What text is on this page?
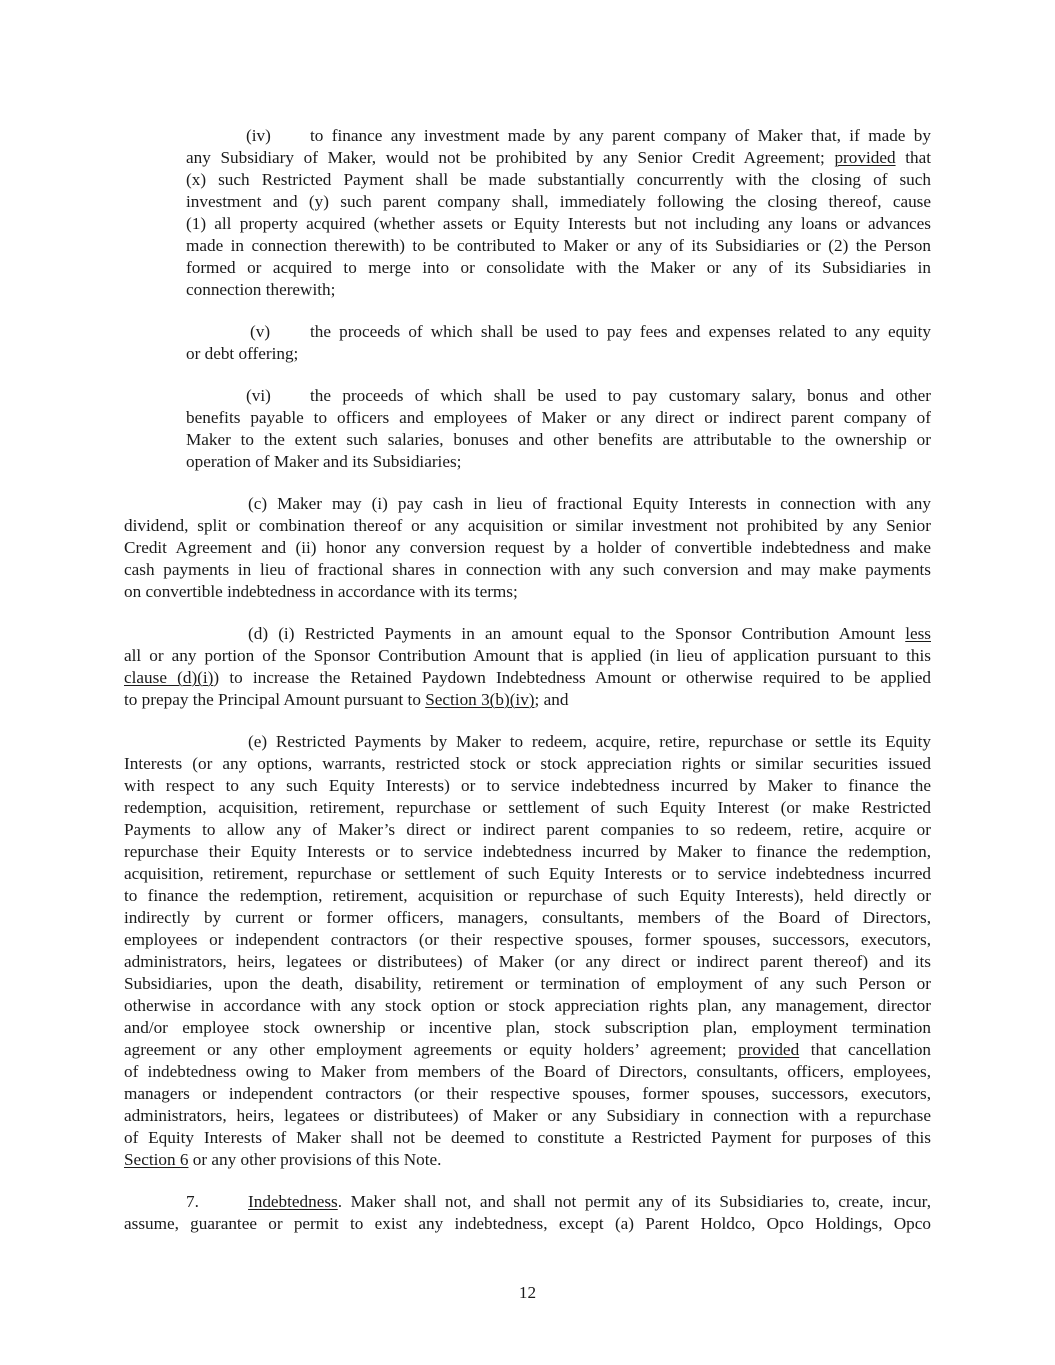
(iv) to finance any investment made by any parent company of Maker that, if made by
any Subsidiary of Maker, would not be prohibited by any Senior Credit Agreement; provided that
(x) such Restricted Payment shall be made substantially concurrently with the closing of such
investment and (y) such parent company shall, immediately following the closing thereof, cause
(1) all property acquired (whether assets or Equity Interests but not including any loans or advances
made in connection therewith) to be contributed to Maker or any of its Subsidiaries or (2) the Person
formed or acquired to merge into or consolidate with the Maker or any of its Subsidiaries in
connection therewith;
(v) the proceeds of which shall be used to pay fees and expenses related to any equity
or debt offering;
(vi) the proceeds of which shall be used to pay customary salary, bonus and other
benefits payable to officers and employees of Maker or any direct or indirect parent company of
Maker to the extent such salaries, bonuses and other benefits are attributable to the ownership or
operation of Maker and its Subsidiaries;
(c) Maker may (i) pay cash in lieu of fractional Equity Interests in connection with any
dividend, split or combination thereof or any acquisition or similar investment not prohibited by any Senior
Credit Agreement and (ii) honor any conversion request by a holder of convertible indebtedness and make
cash payments in lieu of fractional shares in connection with any such conversion and may make payments
on convertible indebtedness in accordance with its terms;
(d) (i) Restricted Payments in an amount equal to the Sponsor Contribution Amount less
all or any portion of the Sponsor Contribution Amount that is applied (in lieu of application pursuant to this
clause (d)(i)) to increase the Retained Paydown Indebtedness Amount or otherwise required to be applied
to prepay the Principal Amount pursuant to Section 3(b)(iv); and
(e) Restricted Payments by Maker to redeem, acquire, retire, repurchase or settle its Equity
Interests (or any options, warrants, restricted stock or stock appreciation rights or similar securities issued
with respect to any such Equity Interests) or to service indebtedness incurred by Maker to finance the
redemption, acquisition, retirement, repurchase or settlement of such Equity Interest (or make Restricted
Payments to allow any of Maker’s direct or indirect parent companies to so redeem, retire, acquire or
repurchase their Equity Interests or to service indebtedness incurred by Maker to finance the redemption,
acquisition, retirement, repurchase or settlement of such Equity Interests or to service indebtedness incurred
to finance the redemption, retirement, acquisition or repurchase of such Equity Interests), held directly or
indirectly by current or former officers, managers, consultants, members of the Board of Directors,
employees or independent contractors (or their respective spouses, former spouses, successors, executors,
administrators, heirs, legatees or distributees) of Maker (or any direct or indirect parent thereof) and its
Subsidiaries, upon the death, disability, retirement or termination of employment of any such Person or
otherwise in accordance with any stock option or stock appreciation rights plan, any management, director
and/or employee stock ownership or incentive plan, stock subscription plan, employment termination
agreement or any other employment agreements or equity holders’ agreement; provided that cancellation
of indebtedness owing to Maker from members of the Board of Directors, consultants, officers, employees,
managers or independent contractors (or their respective spouses, former spouses, successors, executors,
administrators, heirs, legatees or distributees) of Maker or any Subsidiary in connection with a repurchase
of Equity Interests of Maker shall not be deemed to constitute a Restricted Payment for purposes of this
Section 6 or any other provisions of this Note.
7.	Indebtedness. Maker shall not, and shall not permit any of its Subsidiaries to, create, incur,
assume, guarantee or permit to exist any indebtedness, except (a) Parent Holdco, Opco Holdings, Opco
12
